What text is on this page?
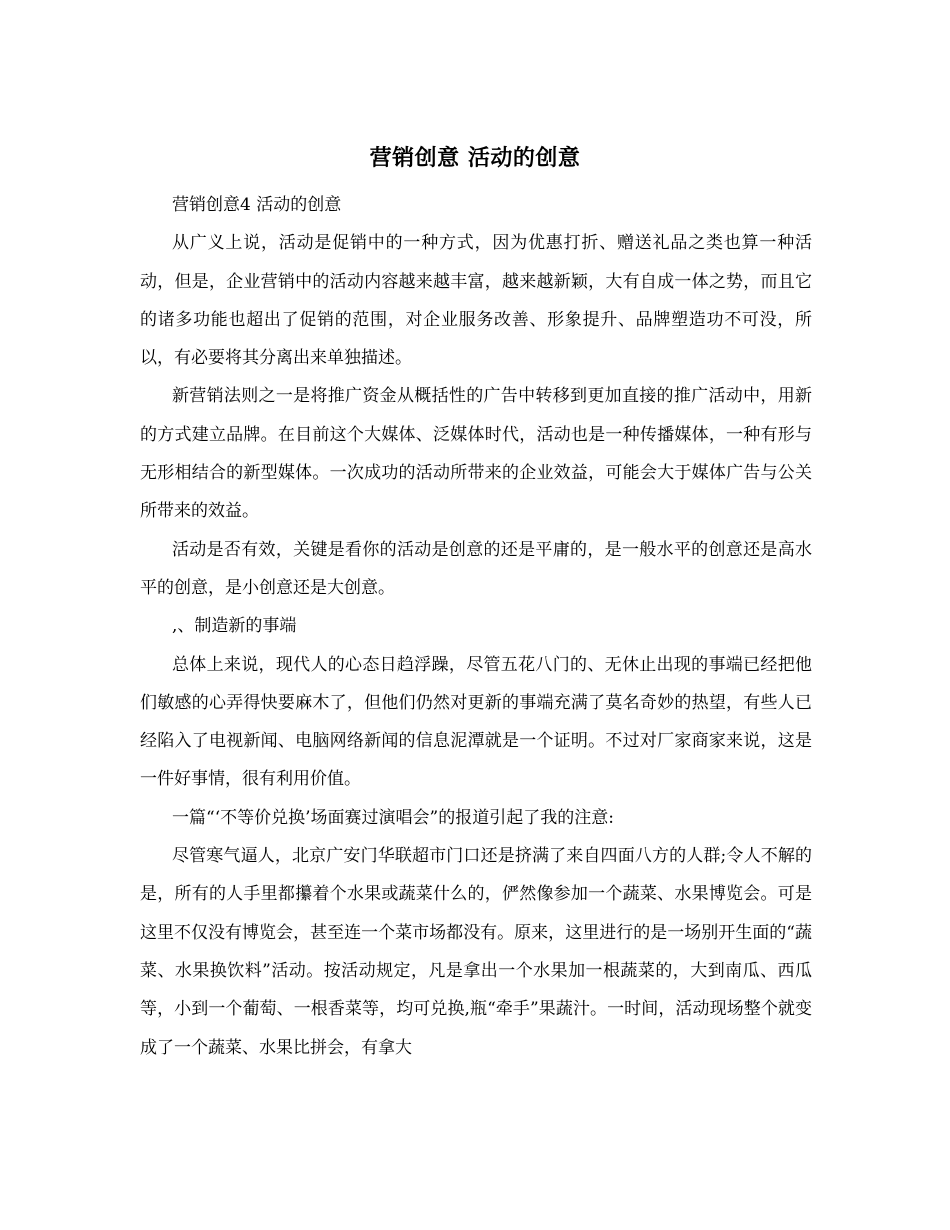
营销创意 活动的创意

营销创意4 活动的创意

从广义上说，活动是促销中的一种方式，因为优惠打折、赠送礼品之类也算一种活动，但是，企业营销中的活动内容越来越丰富，越来越新颖，大有自成一体之势，而且它的诸多功能也超出了促销的范围，对企业服务改善、形象提升、品牌塑造功不可没，所以，有必要将其分离出来单独描述。

新营销法则之一是将推广资金从概括性的广告中转移到更加直接的推广活动中，用新的方式建立品牌。在目前这个大媒体、泛媒体时代，活动也是一种传播媒体，一种有形与无形相结合的新型媒体。一次成功的活动所带来的企业效益，可能会大于媒体广告与公关所带来的效益。

活动是否有效，关键是看你的活动是创意的还是平庸的，是一般水平的创意还是高水平的创意，是小创意还是大创意。

,、制造新的事端

总体上来说，现代人的心态日趋浮躁，尽管五花八门的、无休止出现的事端已经把他们敏感的心弄得快要麻木了，但他们仍然对更新的事端充满了莫名奇妙的热望，有些人已经陷入了电视新闻、电脑网络新闻的信息泥潭就是一个证明。不过对厂家商家来说，这是一件好事情，很有利用价值。

一篇“‘不等价兑换’场面赛过演唱会”的报道引起了我的注意:

尽管寒气逼人，北京广安门华联超市门口还是挤满了来自四面八方的人群;令人不解的是，所有的人手里都攥着个水果或蔬菜什么的，俨然像参加一个蔬菜、水果博览会。可是这里不仅没有博览会，甚至连一个菜市场都没有。原来，这里进行的是一场别开生面的“蔬菜、水果换饮料”活动。按活动规定，凡是拿出一个水果加一根蔬菜的，大到南瓜、西瓜等，小到一个葡萄、一根香菜等，均可兑换,瓶“牵手”果蔬汁。一时间，活动现场整个就变成了一个蔬菜、水果比拼会，有拿大
